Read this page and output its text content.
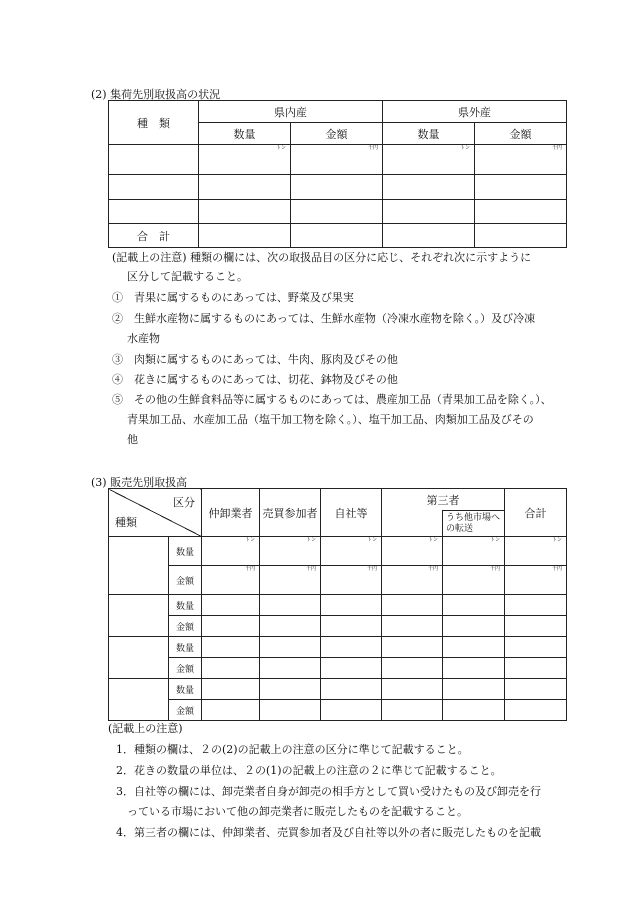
(2) 集荷先別取扱高の状況
種　類	県内産		県外産	
	数量	金額	数量	金額
	トン	千円	トン	千円

合　計				
(記載上の注意) 種類の欄には、次の取扱品目の区分に応じ、それぞれ次に示すように
区分して記載すること。
①　青果に属するものにあっては、野菜及び果実
②　生鮮水産物に属するものにあっては、生鮮水産物（冷凍水産物を除く。）及び冷凍
水産物
③　肉類に属するものにあっては、牛肉、豚肉及びその他
④　花きに属するものにあっては、切花、鉢物及びその他
⑤　その他の生鮮食料品等に属するものにあっては、農産加工品（青果加工品を除く。）、
青果加工品、水産加工品（塩干加工物を除く。）、塩干加工品、肉類加工品及びその
他
(3) 販売先別取扱高
区分
種類		仲卸業者	売買参加者	自社等	第三者		合計
						うち他市場への転送	
	数量	トン	トン	トン	トン	トン	トン
	金額	千円	千円	千円	千円	千円	千円
	数量						
	金額						
	数量						
	金額						
	数量						
	金額						
(記載上の注意)
1．種類の欄は、２の(2)の記載上の注意の区分に準じて記載すること。
2．花きの数量の単位は、２の(1)の記載上の注意の２に準じて記載すること。
3．自社等の欄には、卸売業者自身が卸売の相手方として買い受けたもの及び卸売を行
っている市場において他の卸売業者に販売したものを記載すること。
4．第三者の欄には、仲卸業者、売買参加者及び自社等以外の者に販売したものを記載
